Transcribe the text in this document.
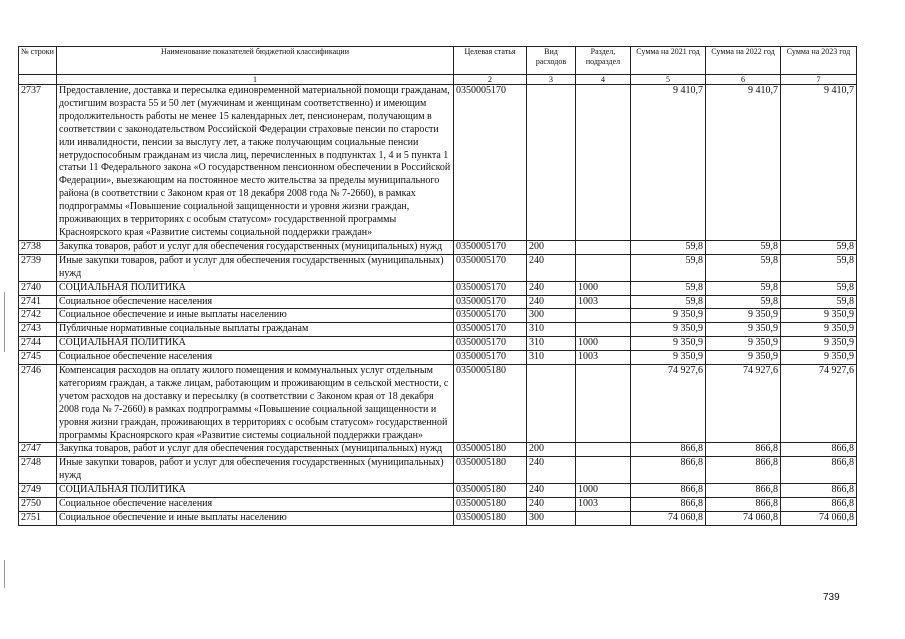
№ строки	Наименование показателей бюджетной классификации	Целевая статья	Вид расходов	Раздел, подраздел	Сумма на 2021 год	Сумма на 2022 год	Сумма на 2023 год
	1	2	3	4	5	6	7
2737	Предоставление, доставка и пересылка единовременной материальной помощи гражданам, достигшим возраста 55 и 50 лет (мужчинам и женщинам соответственно) и имеющим продолжительность работы не менее 15 календарных лет, пенсионерам, получающим в соответствии с законодательством Российской Федерации страховые пенсии по старости или инвалидности, пенсии за выслугу лет, а также получающим социальные пенсии нетрудоспособным гражданам из числа лиц, перечисленных в подпунктах 1, 4 и 5 пункта 1 статьи 11 Федерального закона «О государственном пенсионном обеспечении в Российской Федерации», выезжающим на постоянное место жительства за пределы муниципального района (в соответствии с Законом края от 18 декабря 2008 года № 7-2660), в рамках подпрограммы «Повышение социальной защищенности и уровня жизни граждан, проживающих в территориях с особым статусом» государственной программы Красноярского края «Развитие системы социальной поддержки граждан»	0350005170			9 410,7	9 410,7	9 410,7
2738	Закупка товаров, работ и услуг для обеспечения государственных (муниципальных) нужд	0350005170	200		59,8	59,8	59,8
2739	Иные закупки товаров, работ и услуг для обеспечения государственных (муниципальных) нужд	0350005170	240		59,8	59,8	59,8
2740	СОЦИАЛЬНАЯ ПОЛИТИКА	0350005170	240	1000	59,8	59,8	59,8
2741	Социальное обеспечение населения	0350005170	240	1003	59,8	59,8	59,8
2742	Социальное обеспечение и иные выплаты населению	0350005170	300		9 350,9	9 350,9	9 350,9
2743	Публичные нормативные социальные выплаты гражданам	0350005170	310		9 350,9	9 350,9	9 350,9
2744	СОЦИАЛЬНАЯ ПОЛИТИКА	0350005170	310	1000	9 350,9	9 350,9	9 350,9
2745	Социальное обеспечение населения	0350005170	310	1003	9 350,9	9 350,9	9 350,9
2746	Компенсация расходов на оплату жилого помещения и коммунальных услуг отдельным категориям граждан, а также лицам, работающим и проживающим в сельской местности, с учетом расходов на доставку и пересылку (в соответствии с Законом края от 18 декабря 2008 года № 7-2660) в рамках подпрограммы «Повышение социальной защищенности и уровня жизни граждан, проживающих в территориях с особым статусом» государственной программы Красноярского края «Развитие системы социальной поддержки граждан»	0350005180			74 927,6	74 927,6	74 927,6
2747	Закупка товаров, работ и услуг для обеспечения государственных (муниципальных) нужд	0350005180	200		866,8	866,8	866,8
2748	Иные закупки товаров, работ и услуг для обеспечения государственных (муниципальных) нужд	0350005180	240		866,8	866,8	866,8
2749	СОЦИАЛЬНАЯ ПОЛИТИКА	0350005180	240	1000	866,8	866,8	866,8
2750	Социальное обеспечение населения	0350005180	240	1003	866,8	866,8	866,8
2751	Социальное обеспечение и иные выплаты населению	0350005180	300		74 060,8	74 060,8	74 060,8
739
